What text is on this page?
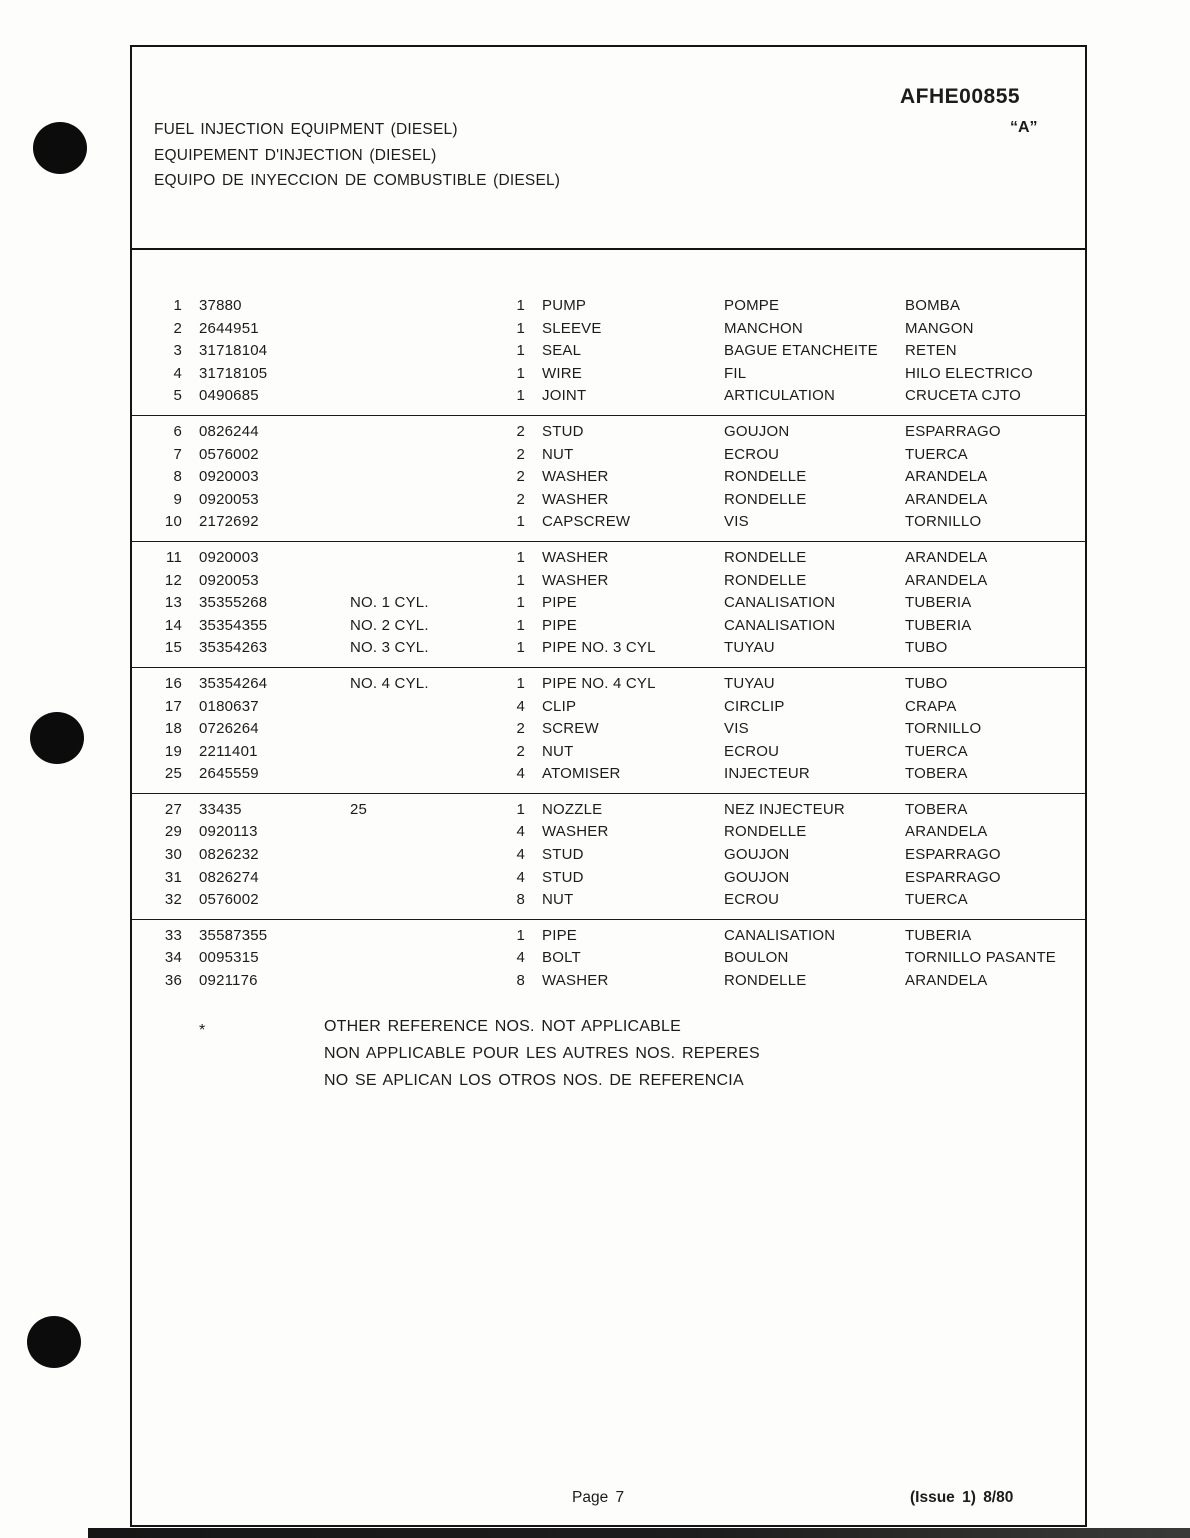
AFHE00855
“A”
FUEL INJECTION EQUIPMENT (DIESEL)
EQUIPEMENT D'INJECTION (DIESEL)
EQUIPO DE INYECCION DE COMBUSTIBLE (DIESEL)
1	37880	1	PUMP	POMPE	BOMBA
2	2644951	1	SLEEVE	MANCHON	MANGON
3	31718104	1	SEAL	BAGUE ETANCHEITE	RETEN
4	31718105	1	WIRE	FIL	HILO ELECTRICO
5	0490685	1	JOINT	ARTICULATION	CRUCETA CJTO
6	0826244	2	STUD	GOUJON	ESPARRAGO
7	0576002	2	NUT	ECROU	TUERCA
8	0920003	2	WASHER	RONDELLE	ARANDELA
9	0920053	2	WASHER	RONDELLE	ARANDELA
10	2172692	1	CAPSCREW	VIS	TORNILLO
11	0920003	1	WASHER	RONDELLE	ARANDELA
12	0920053	1	WASHER	RONDELLE	ARANDELA
13	35355268	NO. 1 CYL.	1	PIPE	CANALISATION	TUBERIA
14	35354355	NO. 2 CYL.	1	PIPE	CANALISATION	TUBERIA
15	35354263	NO. 3 CYL.	1	PIPE NO. 3 CYL	TUYAU	TUBO
16	35354264	NO. 4 CYL.	1	PIPE NO. 4 CYL	TUYAU	TUBO
17	0180637	4	CLIP	CIRCLIP	CRAPA
18	0726264	2	SCREW	VIS	TORNILLO
19	2211401	2	NUT	ECROU	TUERCA
25	2645559	4	ATOMISER	INJECTEUR	TOBERA
27	33435	25	1	NOZZLE	NEZ INJECTEUR	TOBERA
29	0920113	4	WASHER	RONDELLE	ARANDELA
30	0826232	4	STUD	GOUJON	ESPARRAGO
31	0826274	4	STUD	GOUJON	ESPARRAGO
32	0576002	8	NUT	ECROU	TUERCA
33	35587355	1	PIPE	CANALISATION	TUBERIA
34	0095315	4	BOLT	BOULON	TORNILLO PASANTE
36	0921176	8	WASHER	RONDELLE	ARANDELA
*	OTHER REFERENCE NOS. NOT APPLICABLE
NON APPLICABLE POUR LES AUTRES NOS. REPERES
NO SE APLICAN LOS OTROS NOS. DE REFERENCIA
Page 7	(Issue 1) 8/80
